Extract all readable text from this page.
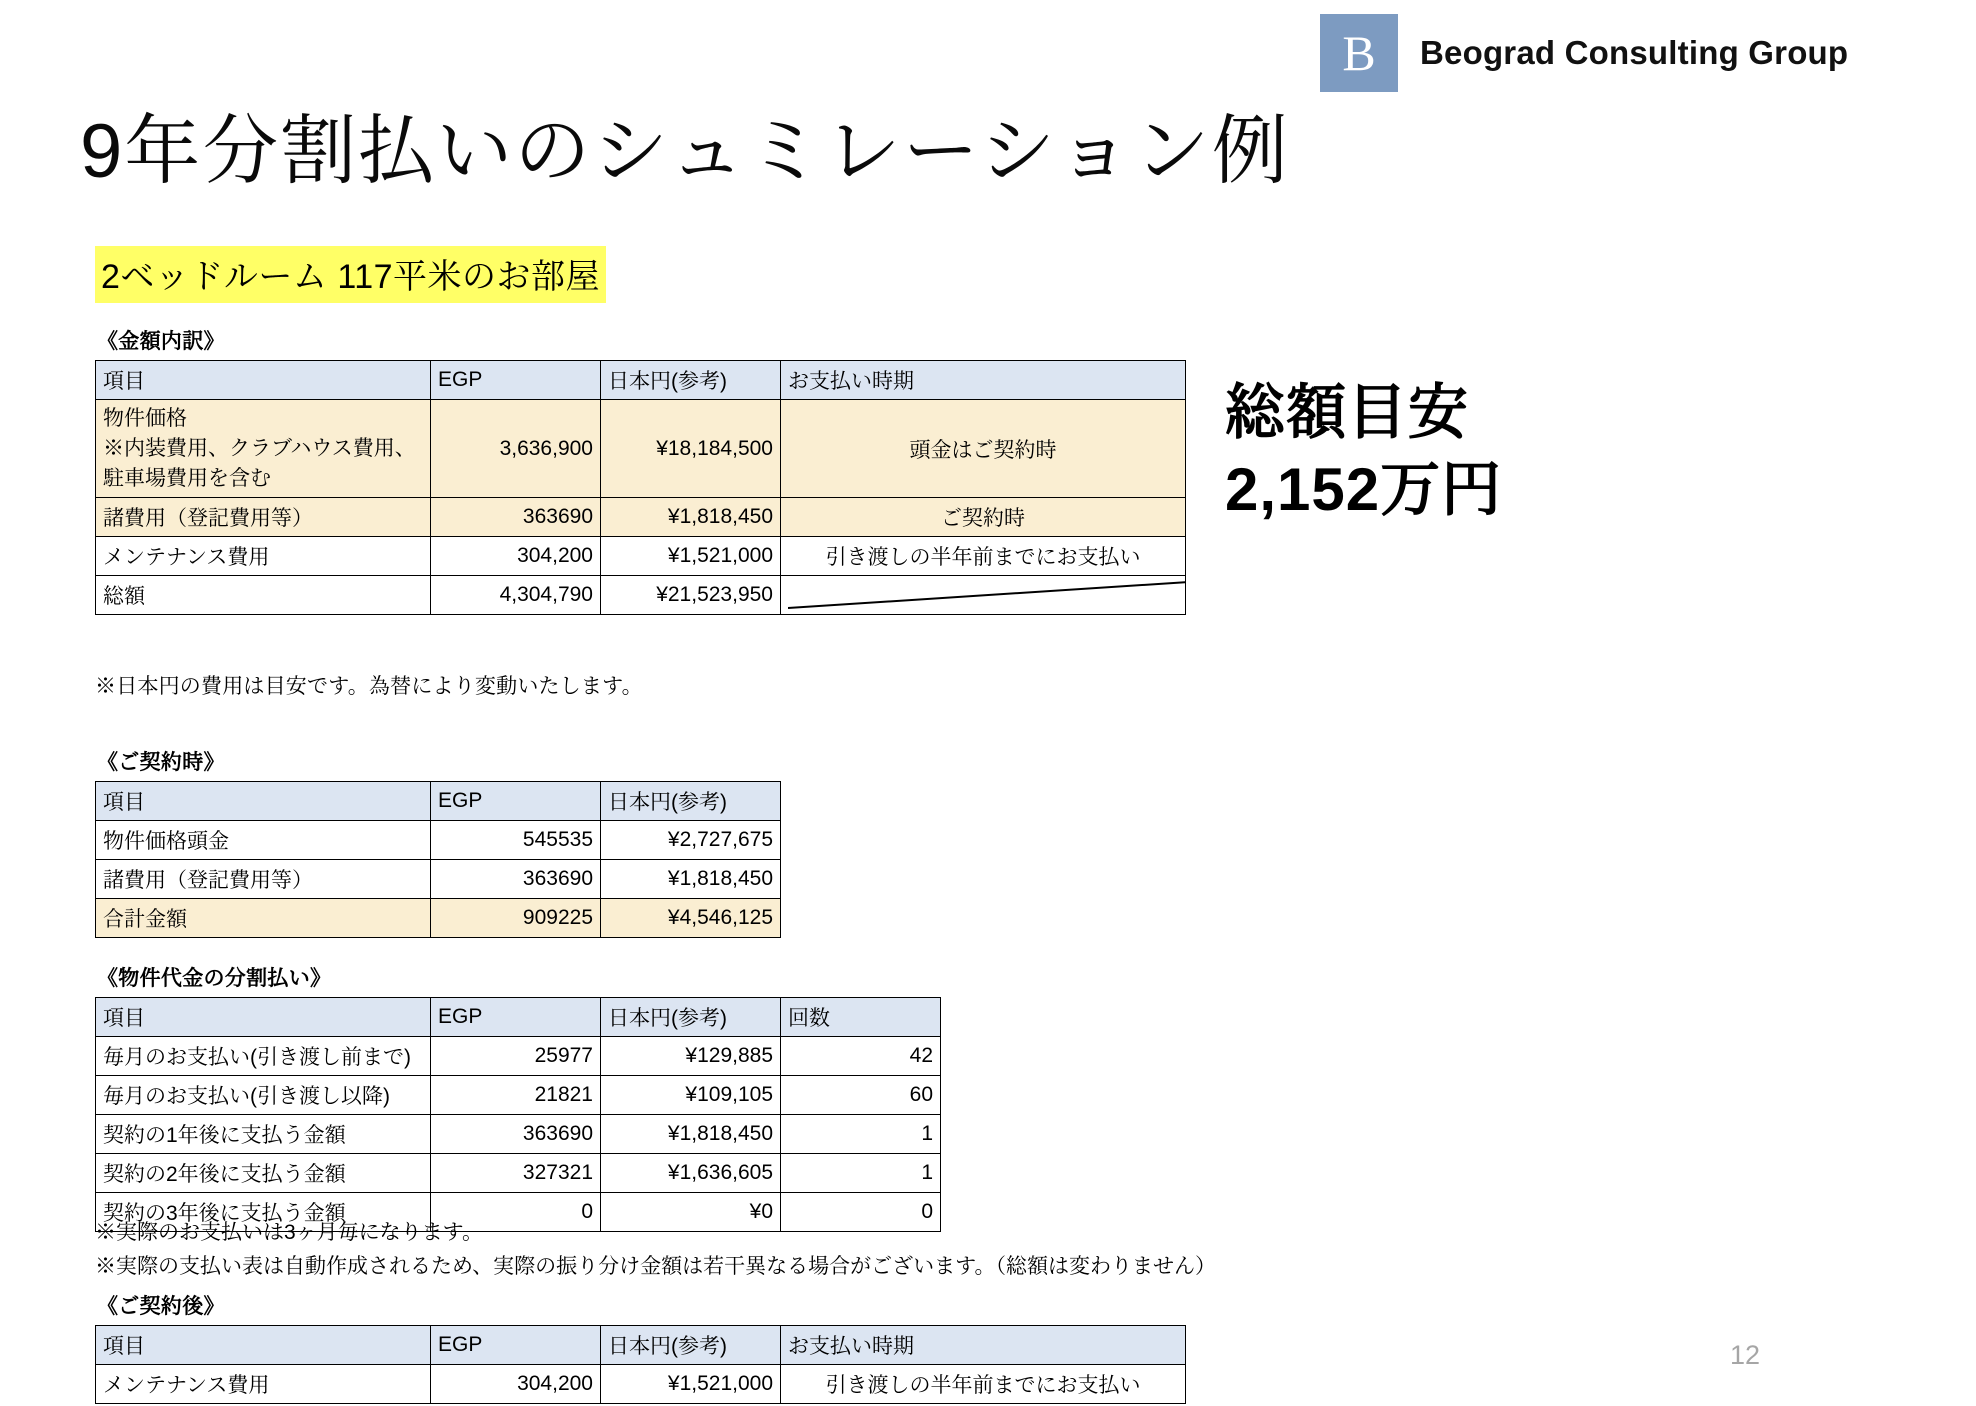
B	Beograd Consulting Group
9年分割払いのシュミレーション例
2ベッドルーム 117平米のお部屋
総額目安
2,152万円
《金額内訳》
項目	EGP	日本円(参考)	お支払い時期
物件価格
※内装費用、クラブハウス費用、
駐車場費用を含む	3,636,900	¥18,184,500	頭金はご契約時
諸費用（登記費用等）	363690	¥1,818,450	ご契約時
メンテナンス費用	304,200	¥1,521,000	引き渡しの半年前までにお支払い
総額	4,304,790	¥21,523,950	
※日本円の費用は目安です。為替により変動いたします。
《ご契約時》
項目	EGP	日本円(参考)
物件価格頭金	545535	¥2,727,675
諸費用（登記費用等）	363690	¥1,818,450
合計金額	909225	¥4,546,125
《物件代金の分割払い》
項目	EGP	日本円(参考)	回数
毎月のお支払い(引き渡し前まで)	25977	¥129,885	42
毎月のお支払い(引き渡し以降)	21821	¥109,105	60
契約の1年後に支払う金額	363690	¥1,818,450	1
契約の2年後に支払う金額	327321	¥1,636,605	1
契約の3年後に支払う金額	0	¥0	0
※実際のお支払いは3ヶ月毎になります。
※実際の支払い表は自動作成されるため、実際の振り分け金額は若干異なる場合がございます。（総額は変わりません）
《ご契約後》
項目	EGP	日本円(参考)	お支払い時期
メンテナンス費用	304,200	¥1,521,000	引き渡しの半年前までにお支払い
12
